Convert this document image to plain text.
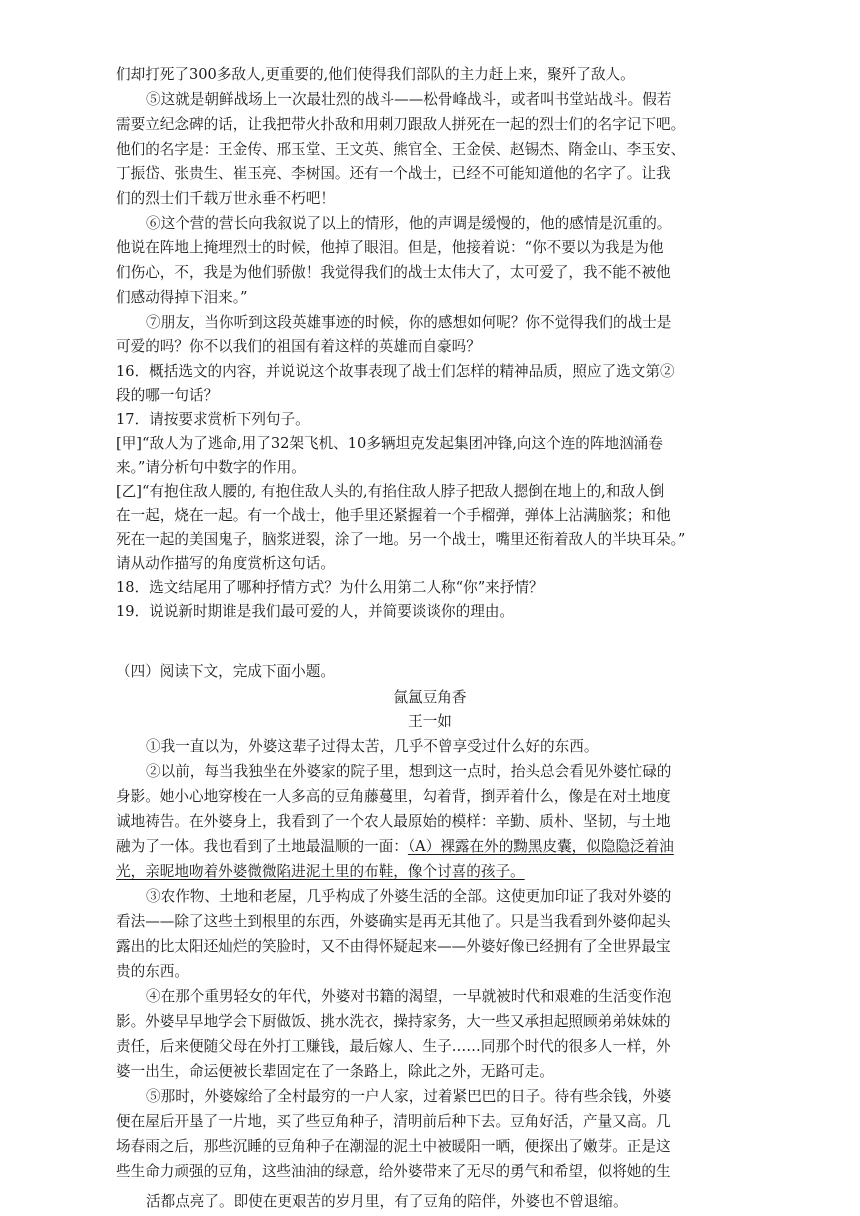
们却打死了300多敌人,更重要的,他们使得我们部队的主力赶上来，聚歼了敌人。
⑤这就是朝鲜战场上一次最壮烈的战斗——松骨峰战斗，或者叫书堂站战斗。假若
需要立纪念碑的话，让我把带火扑敌和用刺刀跟敌人拼死在一起的烈士们的名字记下吧。
他们的名字是：王金传、邢玉堂、王文英、熊官全、王金侯、赵锡杰、隋金山、李玉安、
丁振岱、张贵生、崔玉亮、李树国。还有一个战士，已经不可能知道他的名字了。让我
们的烈士们千载万世永垂不朽吧！
⑥这个营的营长向我叙说了以上的情形，他的声调是缓慢的，他的感情是沉重的。
他说在阵地上掩埋烈士的时候，他掉了眼泪。但是，他接着说：“你不要以为我是为他
们伤心，不，我是为他们骄傲！我觉得我们的战士太伟大了，太可爱了，我不能不被他
们感动得掉下泪来。”
⑦朋友，当你听到这段英雄事迹的时候，你的感想如何呢？你不觉得我们的战士是
可爱的吗？你不以我们的祖国有着这样的英雄而自豪吗？
16．概括选文的内容，并说说这个故事表现了战士们怎样的精神品质，照应了选文第②
段的哪一句话？
17．请按要求赏析下列句子。
[甲]“敌人为了逃命,用了32架飞机、10多辆坦克发起集团冲锋,向这个连的阵地汹涌卷
来。”请分析句中数字的作用。
[乙]“有抱住敌人腰的, 有抱住敌人头的,有掐住敌人脖子把敌人摁倒在地上的,和敌人倒
在一起，烧在一起。有一个战士，他手里还紧握着一个手榴弹，弹体上沾满脑浆；和他
死在一起的美国鬼子，脑浆迸裂，涂了一地。另一个战士，嘴里还衔着敌人的半块耳朵。”
请从动作描写的角度赏析这句话。
18．选文结尾用了哪种抒情方式？为什么用第二人称“你”来抒情？
19．说说新时期谁是我们最可爱的人，并简要谈谈你的理由。
（四）阅读下文，完成下面小题。
氤氲豆角香
王一如
①我一直以为，外婆这辈子过得太苦，几乎不曾享受过什么好的东西。
②以前，每当我独坐在外婆家的院子里，想到这一点时，抬头总会看见外婆忙碌的
身影。她小心地穿梭在一人多高的豆角藤蔓里，勾着背，捯弄着什么，像是在对土地度
诚地祷告。在外婆身上，我看到了一个农人最原始的模样：辛勤、质朴、坚韧，与土地
融为了一体。我也看到了土地最温顺的一面：（A）裸露在外的黝黑皮囊，似隐隐泛着油
光，亲昵地吻着外婆微微陷进泥土里的布鞋，像个讨喜的孩子。
③农作物、土地和老屋，几乎构成了外婆生活的全部。这使更加印证了我对外婆的
看法——除了这些土到根里的东西，外婆确实是再无其他了。只是当我看到外婆仰起头
露出的比太阳还灿烂的笑脸时，又不由得怀疑起来——外婆好像已经拥有了全世界最宝
贵的东西。
④在那个重男轻女的年代，外婆对书籍的渴望，一早就被时代和艰难的生活变作泡
影。外婆早早地学会下厨做饭、挑水洗衣，操持家务，大一些又承担起照顾弟弟妹妹的
责任，后来便随父母在外打工赚钱，最后嫁人、生子……同那个时代的很多人一样，外
婆一出生，命运便被长辈固定在了一条路上，除此之外，无路可走。
⑤那时，外婆嫁给了全村最穷的一户人家，过着紧巴巴的日子。待有些余钱，外婆
便在屋后开垦了一片地，买了些豆角种子，清明前后种下去。豆角好活，产量又高。几
场春雨之后，那些沉睡的豆角种子在潮湿的泥土中被暖阳一晒，便探出了嫩芽。正是这
些生命力顽强的豆角，这些油油的绿意，给外婆带来了无尽的勇气和希望，似将她的生
活都点亮了。即使在更艰苦的岁月里，有了豆角的陪伴，外婆也不曾退缩。
